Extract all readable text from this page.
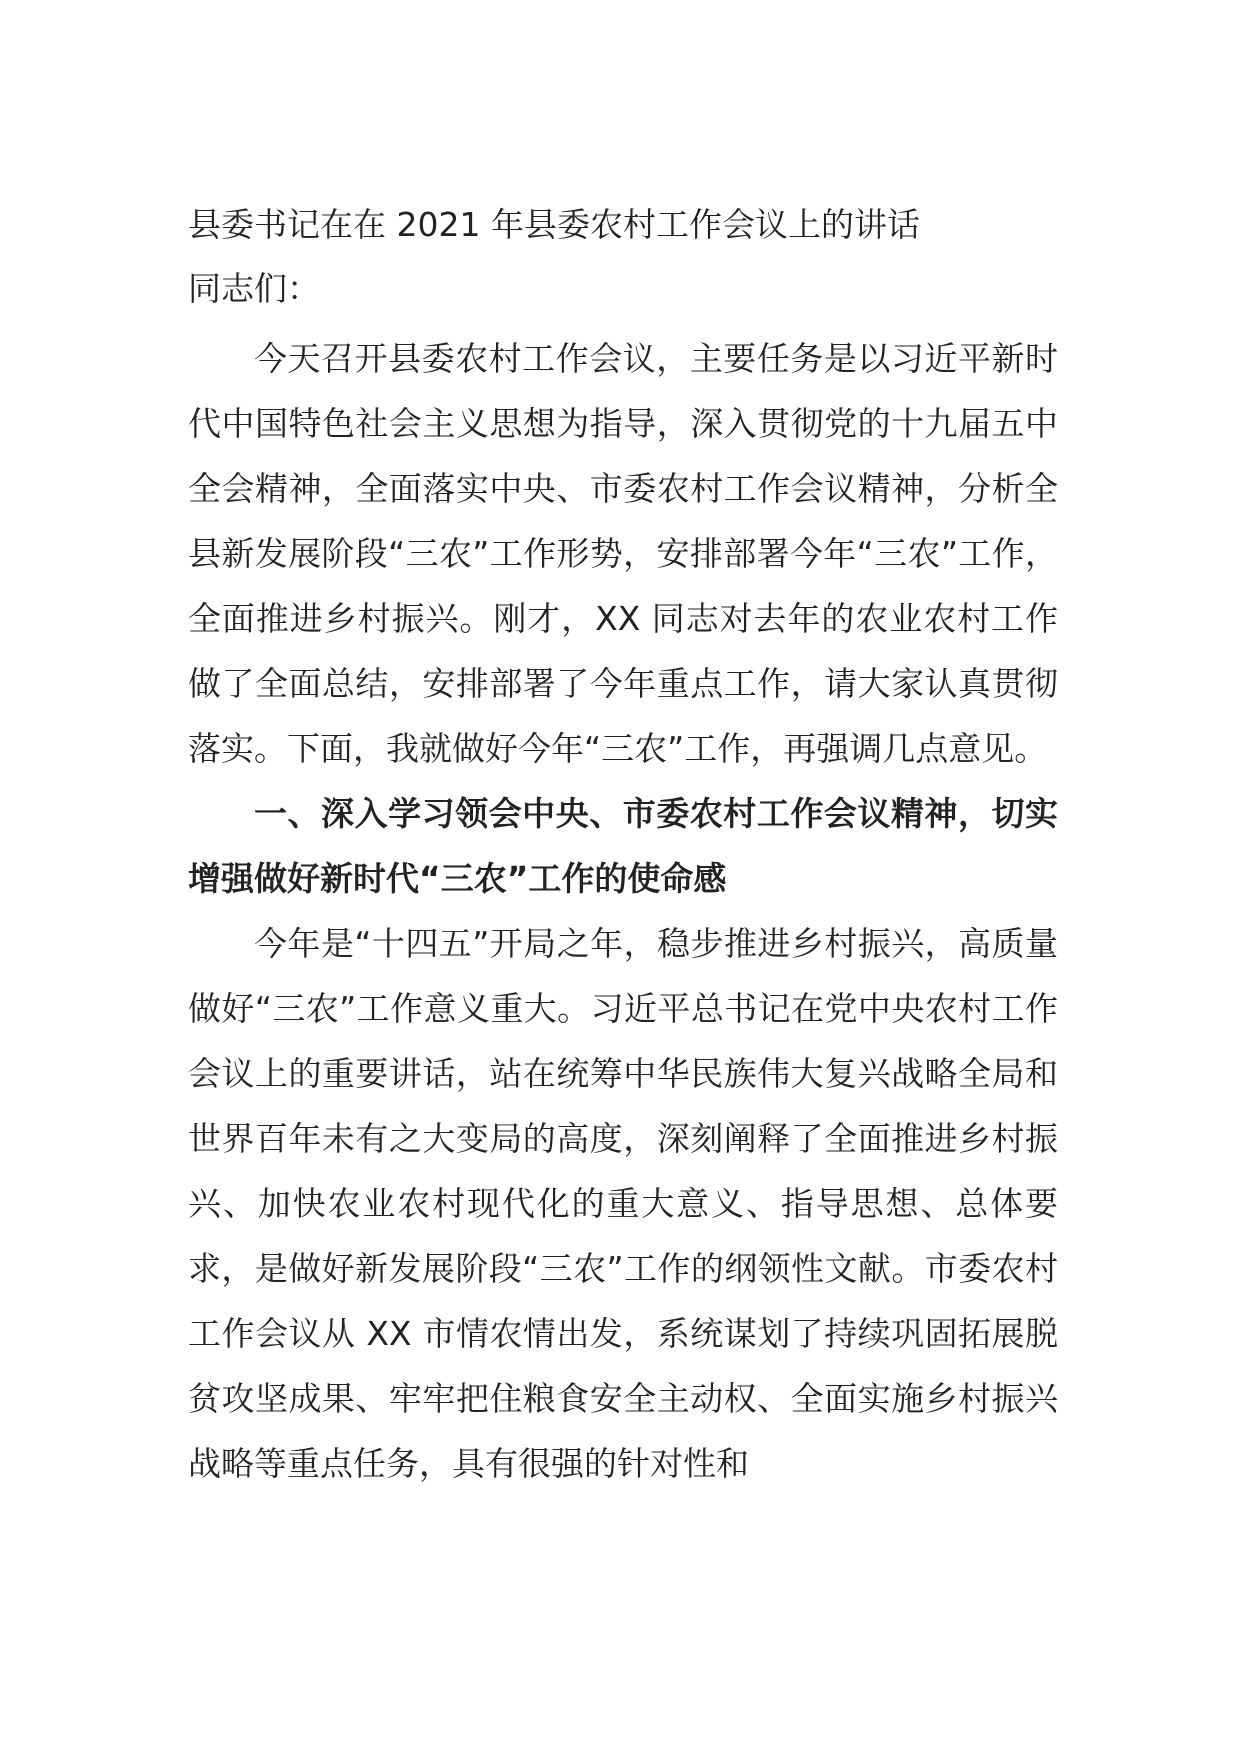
县委书记在在 2021 年县委农村工作会议上的讲话

同志们：

今天召开县委农村工作会议，主要任务是以习近平新时代中国特色社会主义思想为指导，深入贯彻党的十九届五中全会精神，全面落实中央、市委农村工作会议精神，分析全县新发展阶段“三农”工作形势，安排部署今年“三农”工作，全面推进乡村振兴。刚才，XX 同志对去年的农业农村工作做了全面总结，安排部署了今年重点工作，请大家认真贯彻落实。下面，我就做好今年“三农”工作，再强调几点意见。

一、深入学习领会中央、市委农村工作会议精神，切实增强做好新时代“三农”工作的使命感

今年是“十四五”开局之年，稳步推进乡村振兴，高质量做好“三农”工作意义重大。习近平总书记在党中央农村工作会议上的重要讲话，站在统筹中华民族伟大复兴战略全局和世界百年未有之大变局的高度，深刻阐释了全面推进乡村振兴、加快农业农村现代化的重大意义、指导思想、总体要求，是做好新发展阶段“三农”工作的纲领性文献。市委农村工作会议从 XX 市情农情出发，系统谋划了持续巩固拓展脱贫攻坚成果、牢牢把住粮食安全主动权、全面实施乡村振兴战略等重点任务，具有很强的针对性和
